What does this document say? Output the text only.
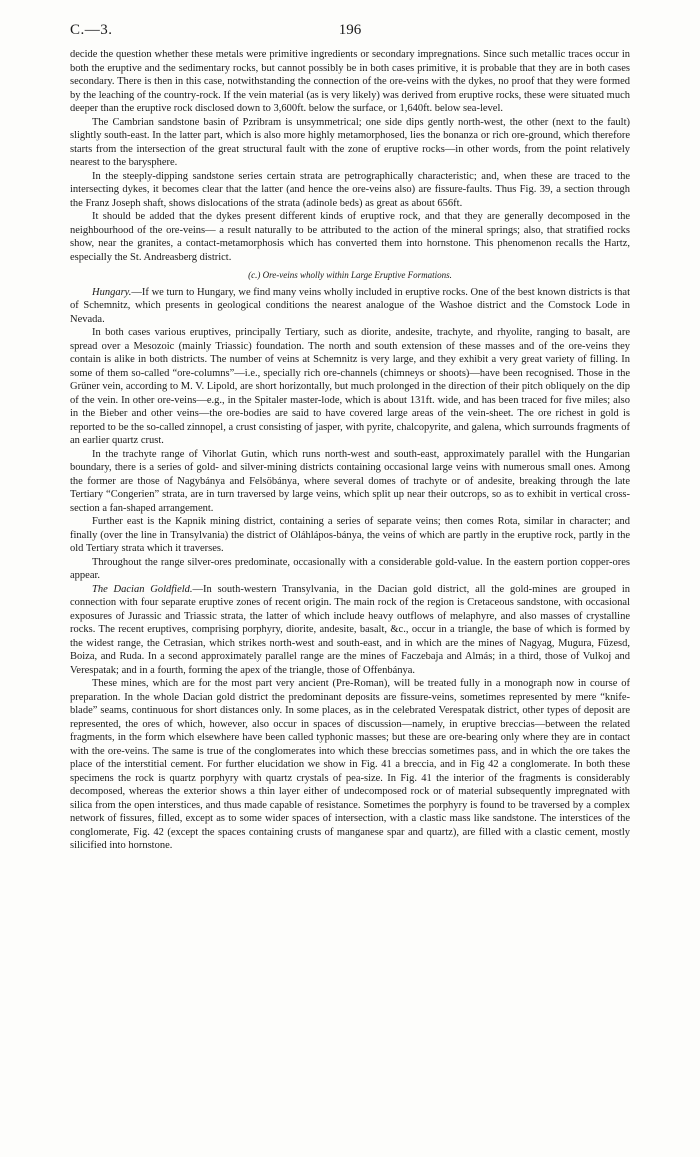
C.—3.	196

decide the question whether these metals were primitive ingredients or secondary impregnations. Since such metallic traces occur in both the eruptive and the sedimentary rocks, but cannot possibly be in both cases primitive, it is probable that they are in both cases secondary. There is then in this case, notwithstanding the connection of the ore-veins with the dykes, no proof that they were formed by the leaching of the country-rock. If the vein material (as is very likely) was derived from eruptive rocks, these were situated much deeper than the eruptive rock disclosed down to 3,600ft. below the surface, or 1,640ft. below sea-level.

The Cambrian sandstone basin of Pzribram is unsymmetrical; one side dips gently north-west, the other (next to the fault) slightly south-east. In the latter part, which is also more highly metamorphosed, lies the bonanza or rich ore-ground, which therefore starts from the intersection of the great structural fault with the zone of eruptive rocks—in other words, from the point relatively nearest to the barysphere.

In the steeply-dipping sandstone series certain strata are petrographically characteristic; and, when these are traced to the intersecting dykes, it becomes clear that the latter (and hence the ore-veins also) are fissure-faults. Thus Fig. 39, a section through the Franz Joseph shaft, shows dislocations of the strata (adinole beds) as great as about 656ft.

It should be added that the dykes present different kinds of eruptive rock, and that they are generally decomposed in the neighbourhood of the ore-veins— a result naturally to be attributed to the action of the mineral springs; also, that stratified rocks show, near the granites, a contact-metamorphosis which has converted them into hornstone. This phenomenon recalls the Hartz, especially the St. Andreasberg district.

(c.) Ore-veins wholly within Large Eruptive Formations.

Hungary.—If we turn to Hungary, we find many veins wholly included in eruptive rocks. One of the best known districts is that of Schemnitz, which presents in geological conditions the nearest analogue of the Washoe district and the Comstock Lode in Nevada.

In both cases various eruptives, principally Tertiary, such as diorite, andesite, trachyte, and rhyolite, ranging to basalt, are spread over a Mesozoic (mainly Triassic) foundation. The north and south extension of these masses and of the ore-veins they contain is alike in both districts. The number of veins at Schemnitz is very large, and they exhibit a very great variety of filling. In some of them so-called “ore-columns”—i.e., specially rich ore-channels (chimneys or shoots)—have been recognised. Those in the Grüner vein, according to M. V. Lipold, are short horizontally, but much prolonged in the direction of their pitch obliquely on the dip of the vein. In other ore-veins—e.g., in the Spitaler master-lode, which is about 131ft. wide, and has been traced for five miles; also in the Bieber and other veins—the ore-bodies are said to have covered large areas of the vein-sheet. The ore richest in gold is reported to be the so-called zinnopel, a crust consisting of jasper, with pyrite, chalcopyrite, and galena, which surrounds fragments of an earlier quartz crust.

In the trachyte range of Vihorlat Gutin, which runs north-west and south-east, approximately parallel with the Hungarian boundary, there is a series of gold- and silver-mining districts containing occasional large veins with numerous small ones. Among the former are those of Nagybánya and Felsöbánya, where several domes of trachyte or of andesite, breaking through the late Tertiary “Congerien” strata, are in turn traversed by large veins, which split up near their outcrops, so as to exhibit in vertical cross-section a fan-shaped arrangement.

Further east is the Kapnik mining district, containing a series of separate veins; then comes Rota, similar in character; and finally (over the line in Transylvania) the district of Oláhlápos-bánya, the veins of which are partly in the eruptive rock, partly in the old Tertiary strata which it traverses.

Throughout the range silver-ores predominate, occasionally with a considerable gold-value. In the eastern portion copper-ores appear.

The Dacian Goldfield.—In south-western Transylvania, in the Dacian gold district, all the gold-mines are grouped in connection with four separate eruptive zones of recent origin. The main rock of the region is Cretaceous sandstone, with occasional exposures of Jurassic and Triassic strata, the latter of which include heavy outflows of melaphyre, and also masses of crystalline rocks. The recent eruptives, comprising porphyry, diorite, andesite, basalt, &c., occur in a triangle, the base of which is formed by the widest range, the Cetrasian, which strikes north-west and south-east, and in which are the mines of Nagyag, Mugura, Füzesd, Boiza, and Ruda. In a second approximately parallel range are the mines of Faczebaja and Almás; in a third, those of Vulkoj and Verespatak; and in a fourth, forming the apex of the triangle, those of Offenbánya.

These mines, which are for the most part very ancient (Pre-Roman), will be treated fully in a monograph now in course of preparation. In the whole Dacian gold district the predominant deposits are fissure-veins, sometimes represented by mere “knife-blade” seams, continuous for short distances only. In some places, as in the celebrated Verespatak district, other types of deposit are represented, the ores of which, however, also occur in spaces of discussion—namely, in eruptive breccias—between the related fragments, in the form which elsewhere have been called typhonic masses; but these are ore-bearing only where they are in contact with the ore-veins. The same is true of the conglomerates into which these breccias sometimes pass, and in which the ore takes the place of the interstitial cement. For further elucidation we show in Fig. 41 a breccia, and in Fig 42 a conglomerate. In both these specimens the rock is quartz porphyry with quartz crystals of pea-size. In Fig. 41 the interior of the fragments is considerably decomposed, whereas the exterior shows a thin layer either of undecomposed rock or of material subsequently impregnated with silica from the open interstices, and thus made capable of resistance. Sometimes the porphyry is found to be traversed by a complex network of fissures, filled, except as to some wider spaces of intersection, with a clastic mass like sandstone. The interstices of the conglomerate, Fig. 42 (except the spaces containing crusts of manganese spar and quartz), are filled with a clastic cement, mostly silicified into hornstone.
